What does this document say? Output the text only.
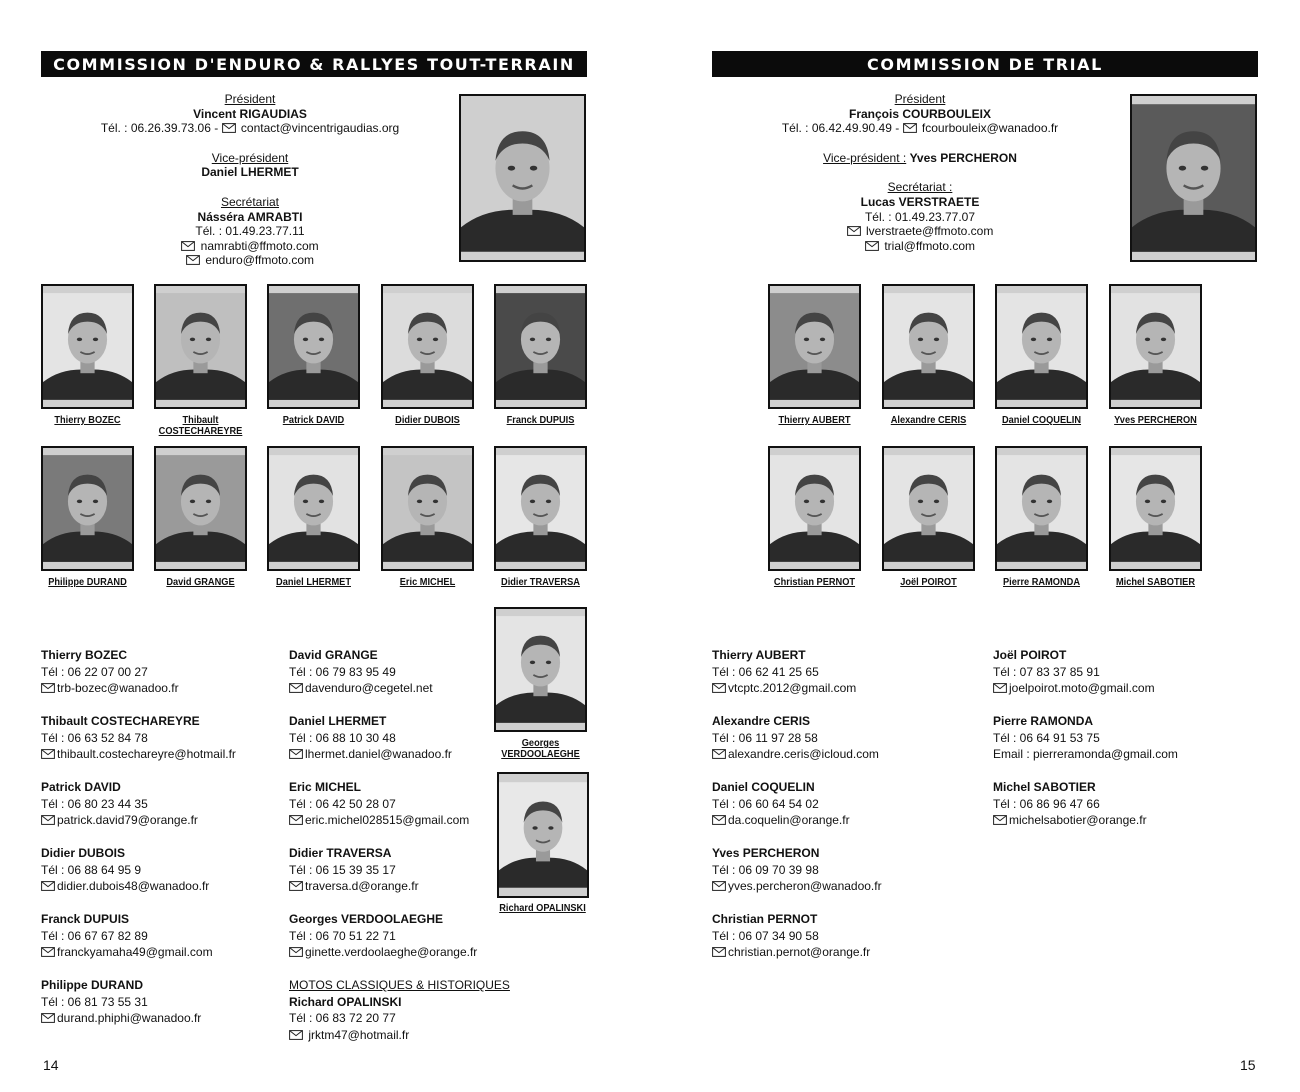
COMMISSION D'ENDURO & RALLYES TOUT-TERRAIN
Président
Vincent RIGAUDIAS
Tél. : 06.26.39.73.06 -
contact@vincentrigaudias.org
Vice-président
Daniel LHERMET
Secrétariat
Násséra AMRABTI
Tél. : 01.49.23.77.11
namrabti@ffmoto.com
enduro@ffmoto.com
Thierry BOZEC	Thibault COSTECHAREYRE
Patrick DAVID	Didier DUBOIS	Franck DUPUIS
Philippe DURAND	David GRANGE	Daniel LHERMET	Eric MICHEL	Didier TRAVERSA
Georges
VERDOOLAEGHE
Richard OPALINSKI
Thierry BOZEC
Tél : 06 22 07 00 27
trb-bozec@wanadoo.fr
Thibault COSTECHAREYRE
Tél : 06 63 52 84 78
thibault.costechareyre@hotmail.fr
Patrick DAVID
Tél : 06 80 23 44 35
patrick.david79@orange.fr
Didier DUBOIS
Tél : 06 88 64 95 9
didier.dubois48@wanadoo.fr
Franck DUPUIS
Tél : 06 67 67 82 89
franckyamaha49@gmail.com
Philippe DURAND
Tél : 06 81 73 55 31
durand.phiphi@wanadoo.fr
David GRANGE
Tél : 06 79 83 95 49
davenduro@cegetel.net
Daniel LHERMET
Tél : 06 88 10 30 48
lhermet.daniel@wanadoo.fr
Eric MICHEL
Tél : 06 42 50 28 07
eric.michel028515@gmail.com
Didier TRAVERSA
Tél : 06 15 39 35 17
traversa.d@orange.fr
Georges VERDOOLAEGHE
Tél : 06 70 51 22 71
ginette.verdoolaeghe@orange.fr
MOTOS CLASSIQUES & HISTORIQUES
Richard OPALINSKI
Tél : 06 83 72 20 77
jrktm47@hotmail.fr
14
COMMISSION DE TRIAL
Président
François COURBOULEIX
Tél. : 06.42.49.90.49 -
fcourbouleix@wanadoo.fr
Vice-président : Yves PERCHERON
Secrétariat :
Lucas VERSTRAETE
Tél. : 01.49.23.77.07
lverstraete@ffmoto.com
trial@ffmoto.com
Thierry AUBERT	Alexandre CERIS	Daniel COQUELIN	Yves PERCHERON
Christian PERNOT	Joël POIROT	Pierre RAMONDA	Michel SABOTIER
Thierry AUBERT
Tél : 06 62 41 25 65
vtcptc.2012@gmail.com
Alexandre CERIS
Tél : 06 11 97 28 58
alexandre.ceris@icloud.com
Daniel COQUELIN
Tél : 06 60 64 54 02
da.coquelin@orange.fr
Yves PERCHERON
Tél : 06 09 70 39 98
yves.percheron@wanadoo.fr
Christian PERNOT
Tél : 06 07 34 90 58
christian.pernot@orange.fr
Joël POIROT
Tél : 07 83 37 85 91
joelpoirot.moto@gmail.com
Pierre RAMONDA
Tél : 06 64 91 53 75
Email : pierreramonda@gmail.com
Michel SABOTIER
Tél : 06 86 96 47 66
michelsabotier@orange.fr
15
